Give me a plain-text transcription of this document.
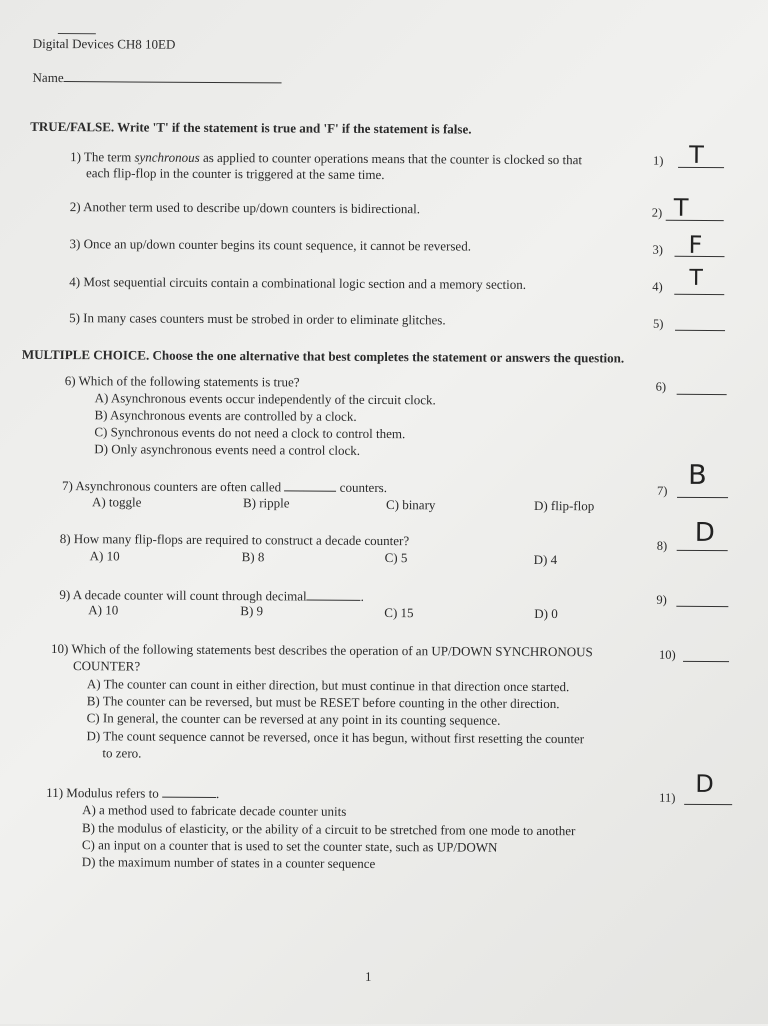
Digital Devices CH8 10ED
Name
TRUE/FALSE. Write 'T' if the statement is true and 'F' if the statement is false.
1) The term synchronous as applied to counter operations means that the counter is clocked so that
each flip-flop in the counter is triggered at the same time.
1) T
2) Another term used to describe up/down counters is bidirectional.	2) T
3) Once an up/down counter begins its count sequence, it cannot be reversed.	3) F
4) Most sequential circuits contain a combinational logic section and a memory section.	4) T
5) In many cases counters must be strobed in order to eliminate glitches.	5)
MULTIPLE CHOICE. Choose the one alternative that best completes the statement or answers the question.
6) Which of the following statements is true?
A) Asynchronous events occur independently of the circuit clock.
B) Asynchronous events are controlled by a clock.
C) Synchronous events do not need a clock to control them.
D) Only asynchronous events need a control clock.
6)
7) Asynchronous counters are often called	counters.
A) toggle	B) ripple	C) binary	D) flip-flop
7) B
8) How many flip-flops are required to construct a decade counter?
A) 10	B) 8	C) 5	D) 4
8) D
9) A decade counter will count through decimal	.
A) 10	B) 9	C) 15	D) 0
9)
10) Which of the following statements best describes the operation of an UP/DOWN SYNCHRONOUS
COUNTER?
A) The counter can count in either direction, but must continue in that direction once started.
B) The counter can be reversed, but must be RESET before counting in the other direction.
C) In general, the counter can be reversed at any point in its counting sequence.
D) The count sequence cannot be reversed, once it has begun, without first resetting the counter
to zero.
10)
11) Modulus refers to	.
A) a method used to fabricate decade counter units
B) the modulus of elasticity, or the ability of a circuit to be stretched from one mode to another
C) an input on a counter that is used to set the counter state, such as UP/DOWN
D) the maximum number of states in a counter sequence
11) D
1
